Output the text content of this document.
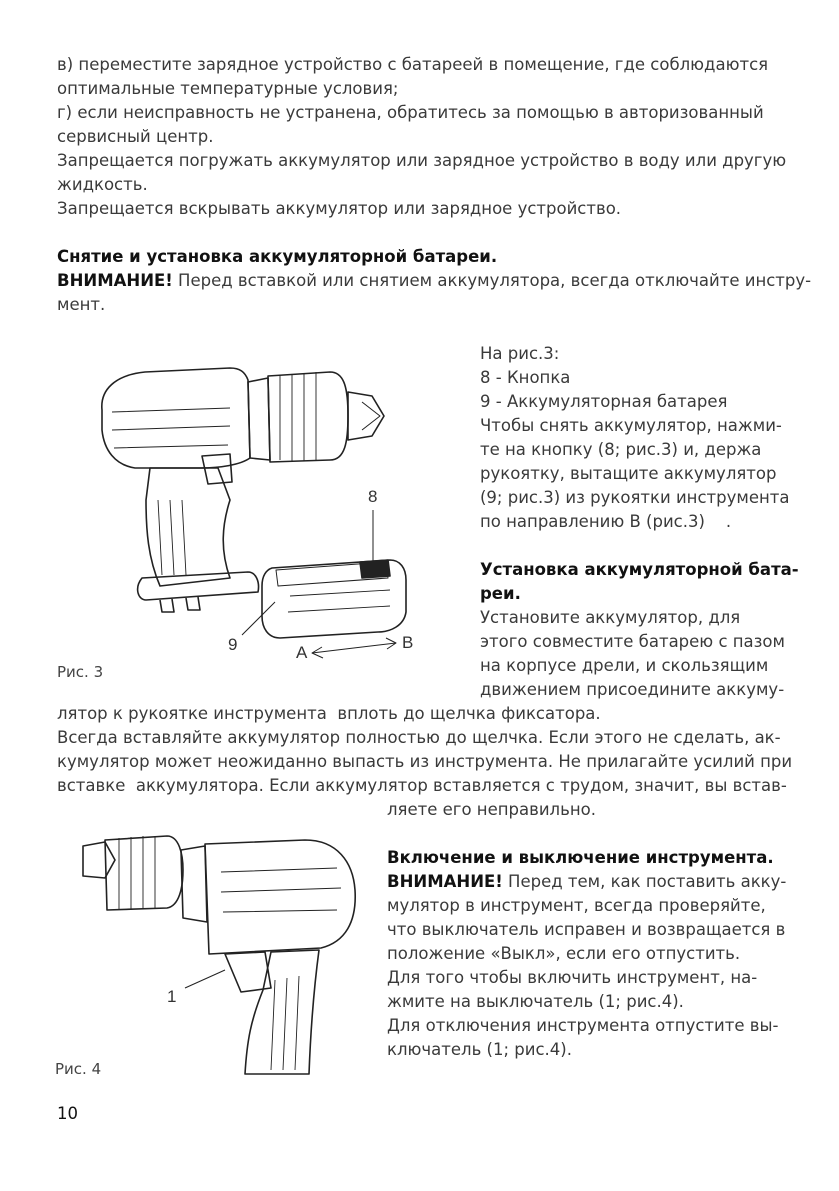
в) переместите зарядное устройство с батареей в помещение, где соблюдаются
оптимальные температурные условия;
г) если неисправность не устранена, обратитесь за помощью в авторизованный
сервисный центр.
Запрещается погружать аккумулятор или зарядное устройство в воду или другую
жидкость.
Запрещается вскрывать аккумулятор или зарядное устройство.
Снятие и установка аккумуляторной батареи.
ВНИМАНИЕ! Перед вставкой или снятием аккумулятора, всегда отключайте инстру-
мент.
8
9	A
B
Рис. 3
На рис.3:
8 - Кнопка
9 - Аккумуляторная батарея
Чтобы снять аккумулятор, нажми-
те на кнопку (8; рис.3) и, держа
рукоятку, вытащите аккумулятор
(9; рис.3) из рукоятки инструмента
по направлению В (рис.3)    .
Установка аккумуляторной бата-
реи.
Установите аккумулятор, для
этого совместите батарею с пазом
на корпусе дрели, и скользящим
движением присоедините аккуму-
лятор к рукоятке инструмента  вплоть до щелчка фиксатора.
Всегда вставляйте аккумулятор полностью до щелчка. Если этого не сделать, ак-
кумулятор может неожиданно выпасть из инструмента. Не прилагайте усилий при
вставке  аккумулятора. Если аккумулятор вставляется с трудом, значит, вы встав-
ляете его неправильно.
1
Рис. 4
Включение и выключение инструмента.
ВНИМАНИЕ! Перед тем, как поставить акку-
мулятор в инструмент, всегда проверяйте,
что выключатель исправен и возвращается в
положение «Выкл», если его отпустить.
Для того чтобы включить инструмент, на-
жмите на выключатель (1; рис.4).
Для отключения инструмента отпустите вы-
ключатель (1; рис.4).
10
